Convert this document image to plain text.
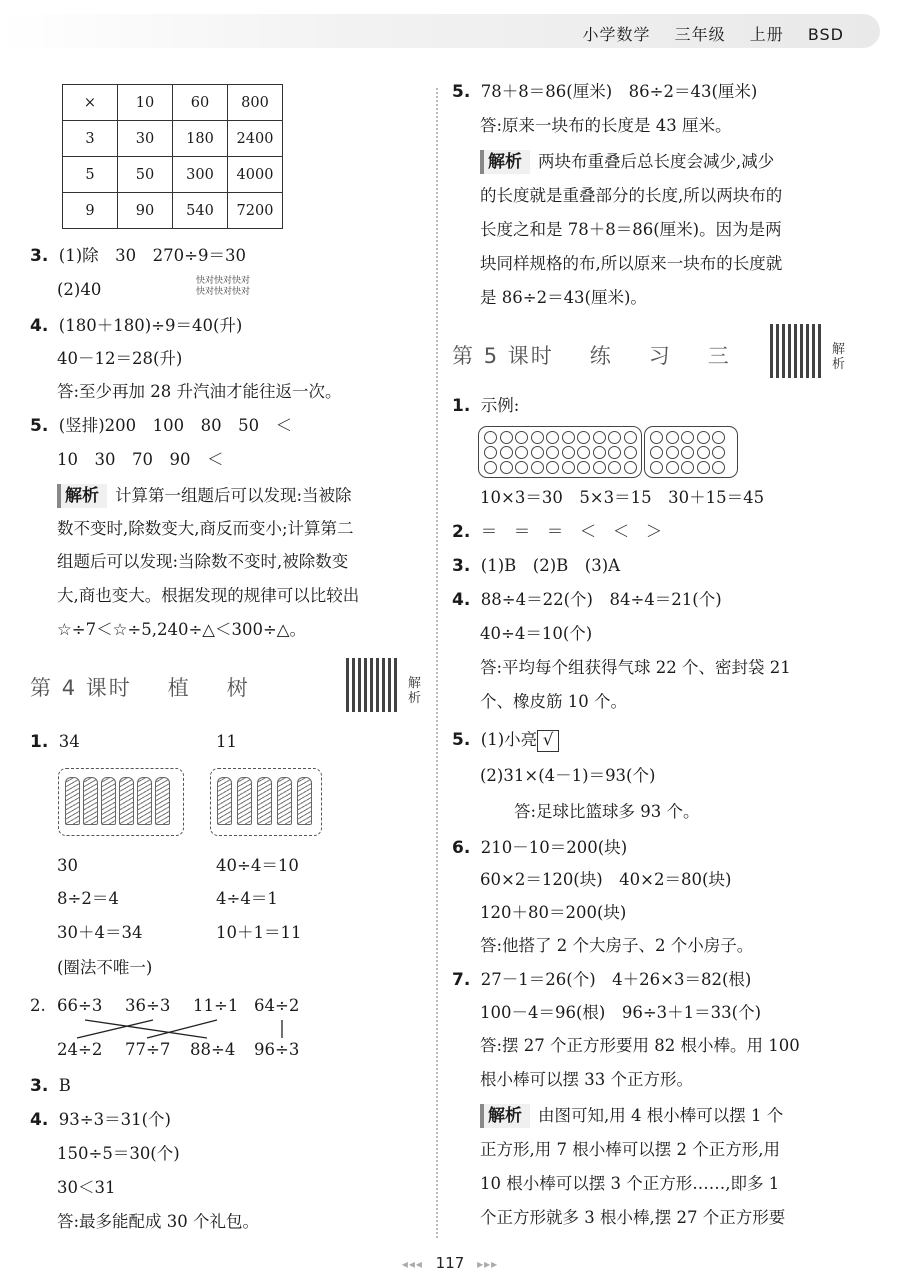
小学数学 三年级 上册 BSD
×	10	60	800
3	30	180	2400
5	50	300	4000
9	90	540	7200
3. (1)除　30　270÷9＝30
快对快对快对
快对快对快对
(2)40
4. (180＋180)÷9＝40(升)
40－12＝28(升)
答:至少再加 28 升汽油才能往返一次。
5. (竖排)200　100　80　50　＜
10　30　70　90　＜
解析 计算第一组题后可以发现:当被除
数不变时,除数变大,商反而变小;计算第二
组题后可以发现:当除数不变时,被除数变
大,商也变大。根据发现的规律可以比较出
☆÷7＜☆÷5,240÷△＜300÷△。
第 4 课时 植 树	解析
1. 34	11
30	40÷4＝10
8÷2＝4	4÷4＝1
30＋4＝34	10＋1＝11
(圈法不唯一)
2. 66÷3 36÷3 11÷1 64÷2
24÷2 77÷7 88÷4 96÷3
3. B
4. 93÷3＝31(个)
150÷5＝30(个)
30＜31
答:最多能配成 30 个礼包。
5. 78＋8＝86(厘米)　86÷2＝43(厘米)
答:原来一块布的长度是 43 厘米。
解析 两块布重叠后总长度会减少,减少
的长度就是重叠部分的长度,所以两块布的
长度之和是 78＋8＝86(厘米)。因为是两
块同样规格的布,所以原来一块布的长度就
是 86÷2＝43(厘米)。
第 5 课时 练 习 三	解析
1. 示例:
10×3＝30　5×3＝15　30＋15＝45
2. ＝　＝　＝　＜　＜　＞
3. (1)B　(2)B　(3)A
4. 88÷4＝22(个)　84÷4＝21(个)
40÷4＝10(个)
答:平均每个组获得气球 22 个、密封袋 21
个、橡皮筋 10 个。
5. (1)小亮 √
(2)31×(4－1)＝93(个)
答:足球比篮球多 93 个。
6. 210－10＝200(块)
60×2＝120(块)　40×2＝80(块)
120＋80＝200(块)
答:他搭了 2 个大房子、2 个小房子。
7. 27－1＝26(个)　4＋26×3＝82(根)
100－4＝96(根)　96÷3＋1＝33(个)
答:摆 27 个正方形要用 82 根小棒。用 100
根小棒可以摆 33 个正方形。
解析 由图可知,用 4 根小棒可以摆 1 个
正方形,用 7 根小棒可以摆 2 个正方形,用
10 根小棒可以摆 3 个正方形……,即多 1
个正方形就多 3 根小棒,摆 27 个正方形要
◂◂◂ 117 ▸▸▸
